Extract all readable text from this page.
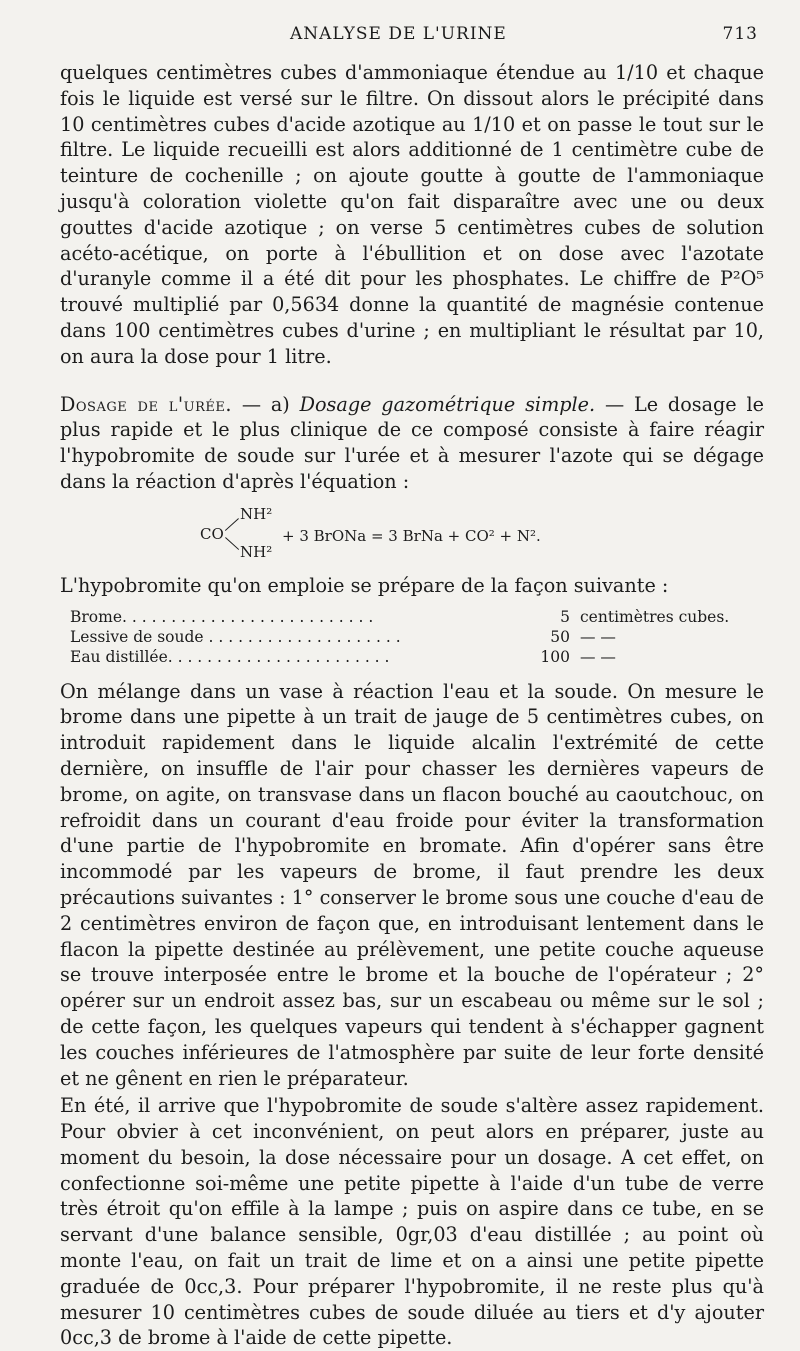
ANALYSE DE L'URINE	713

quelques centimètres cubes d'ammoniaque étendue au 1/10 et chaque fois le liquide est versé sur le filtre. On dissout alors le précipité dans 10 centimètres cubes d'acide azotique au 1/10 et on passe le tout sur le filtre. Le liquide recueilli est alors additionné de 1 centimètre cube de teinture de cochenille ; on ajoute goutte à goutte de l'ammoniaque jusqu'à coloration violette qu'on fait disparaître avec une ou deux gouttes d'acide azotique ; on verse 5 centimètres cubes de solution acéto-acétique, on porte à l'ébullition et on dose avec l'azotate d'uranyle comme il a été dit pour les phosphates. Le chiffre de P²O⁵ trouvé multiplié par 0,5634 donne la quantité de magnésie contenue dans 100 centimètres cubes d'urine ; en multipliant le résultat par 10, on aura la dose pour 1 litre.

Dosage de l'urée. — a) Dosage gazométrique simple. — Le dosage le plus rapide et le plus clinique de ce composé consiste à faire réagir l'hypobromite de soude sur l'urée et à mesurer l'azote qui se dégage dans la réaction d'après l'équation :

NH²
CO
NH²
+ 3 BrONa = 3 BrNa + CO² + N².

L'hypobromite qu'on emploie se prépare de la façon suivante :

Brome. . . . . . . . . . . . . . . . . . . . . . . . . .	5 centimètres cubes.
Lessive de soude . . . . . . . . . . . . . . . . . . . .	50 — —
Eau distillée. . . . . . . . . . . . . . . . . . . . . . .	100 — —

On mélange dans un vase à réaction l'eau et la soude. On mesure le brome dans une pipette à un trait de jauge de 5 centimètres cubes, on introduit rapidement dans le liquide alcalin l'extrémité de cette dernière, on insuffle de l'air pour chasser les dernières vapeurs de brome, on agite, on transvase dans un flacon bouché au caoutchouc, on refroidit dans un courant d'eau froide pour éviter la transformation d'une partie de l'hypobromite en bromate. Afin d'opérer sans être incommodé par les vapeurs de brome, il faut prendre les deux précautions suivantes : 1° conserver le brome sous une couche d'eau de 2 centimètres environ de façon que, en introduisant lentement dans le flacon la pipette destinée au prélèvement, une petite couche aqueuse se trouve interposée entre le brome et la bouche de l'opérateur ; 2° opérer sur un endroit assez bas, sur un escabeau ou même sur le sol ; de cette façon, les quelques vapeurs qui tendent à s'échapper gagnent les couches inférieures de l'atmosphère par suite de leur forte densité et ne gênent en rien le préparateur.

En été, il arrive que l'hypobromite de soude s'altère assez rapidement. Pour obvier à cet inconvénient, on peut alors en préparer, juste au moment du besoin, la dose nécessaire pour un dosage. A cet effet, on confectionne soi-même une petite pipette à l'aide d'un tube de verre très étroit qu'on effile à la lampe ; puis on aspire dans ce tube, en se servant d'une balance sensible, 0gr,03 d'eau distillée ; au point où monte l'eau, on fait un trait de lime et on a ainsi une petite pipette graduée de 0cc,3. Pour préparer l'hypobromite, il ne reste plus qu'à mesurer 10 centimètres cubes de soude diluée au tiers et d'y ajouter 0cc,3 de brome à l'aide de cette pipette.
